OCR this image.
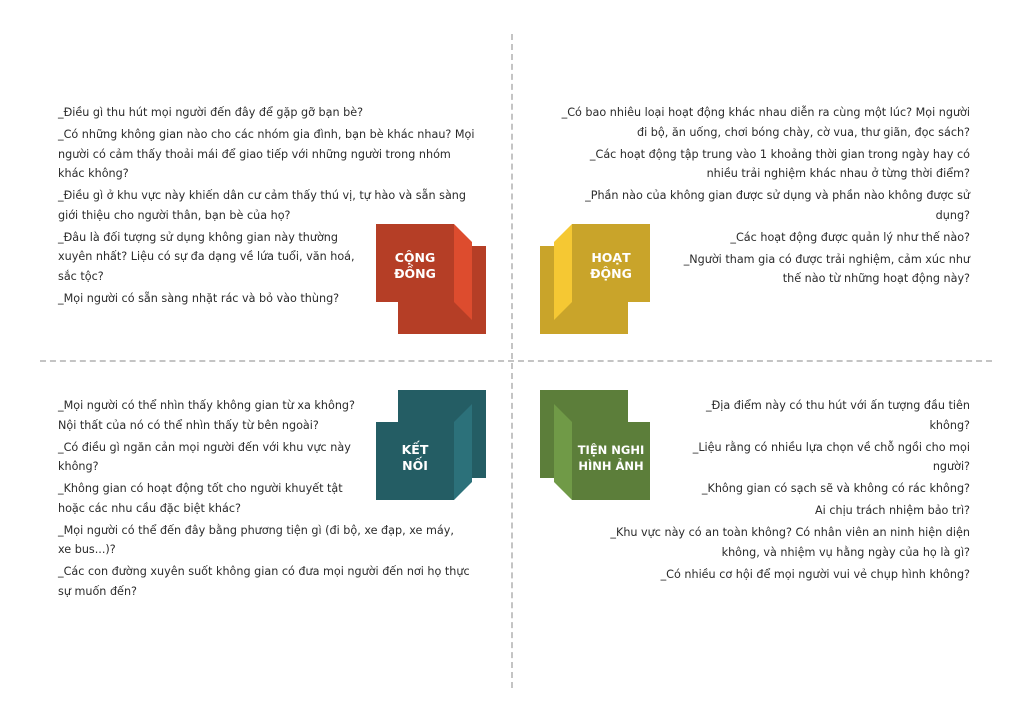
_Điều gì thu hút mọi người đến đây để gặp gỡ bạn bè?

_Có những không gian nào cho các nhóm gia đình, bạn bè khác nhau? Mọi người có cảm thấy thoải mái để giao tiếp với những người trong nhóm khác không?

_Điều gì ở khu vực này khiến dân cư cảm thấy thú vị, tự hào và sẵn sàng giới thiệu cho người thân, bạn bè của họ?

_Đâu là đối tượng sử dụng không gian này thường xuyên nhất? Liệu có sự đa dạng về lứa tuổi, văn hoá, sắc tộc?

_Mọi người có sẵn sàng nhặt rác và bỏ vào thùng?

_Có bao nhiêu loại hoạt động khác nhau diễn ra cùng một lúc? Mọi người đi bộ, ăn uống, chơi bóng chày, cờ vua, thư giãn, đọc sách?

_Các hoạt động tập trung vào 1 khoảng thời gian trong ngày hay có nhiều trải nghiệm khác nhau ở từng thời điểm?

_Phần nào của không gian được sử dụng và phần nào không được sử dụng?

_Các hoạt động được quản lý như thế nào?

_Người tham gia có được trải nghiệm, cảm xúc như thế nào từ những hoạt động này?

_Mọi người có thể nhìn thấy không gian từ xa không? Nội thất của nó có thể nhìn thấy từ bên ngoài?

_Có điều gì ngăn cản mọi người đến với khu vực này không?

_Không gian có hoạt động tốt cho người khuyết tật hoặc các nhu cầu đặc biệt khác?

_Mọi người có thể đến đây bằng phương tiện gì (đi bộ, xe đạp, xe máy, xe bus...)?

_Các con đường xuyên suốt không gian có đưa mọi người đến nơi họ thực sự muốn đến?

_Địa điểm này có thu hút với ấn tượng đầu tiên không?

_Liệu rằng có nhiều lựa chọn về chỗ ngồi cho mọi người?

_Không gian có sạch sẽ và không có rác không?

Ai chịu trách nhiệm bảo trì?

_Khu vực này có an toàn không? Có nhân viên an ninh hiện diện không, và nhiệm vụ hằng ngày của họ là gì?

_Có nhiều cơ hội để mọi người vui vẻ chụp hình không?

CỘNG
ĐỒNG
HOẠT
ĐỘNG
KẾT
NỐI
TIỆN NGHI
HÌNH ẢNH
